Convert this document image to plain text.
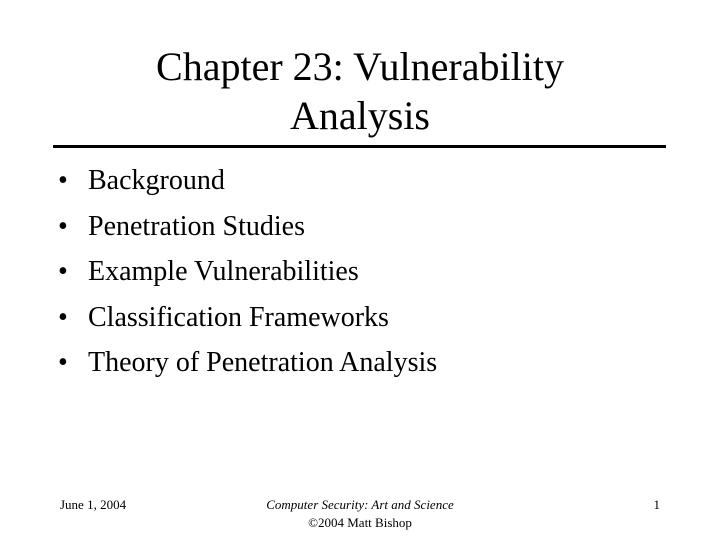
Chapter 23: Vulnerability
Analysis
• Background
• Penetration Studies
• Example Vulnerabilities
• Classification Frameworks
• Theory of Penetration Analysis
June 1, 2004	Computer Security: Art and Science
©2004 Matt Bishop
1
